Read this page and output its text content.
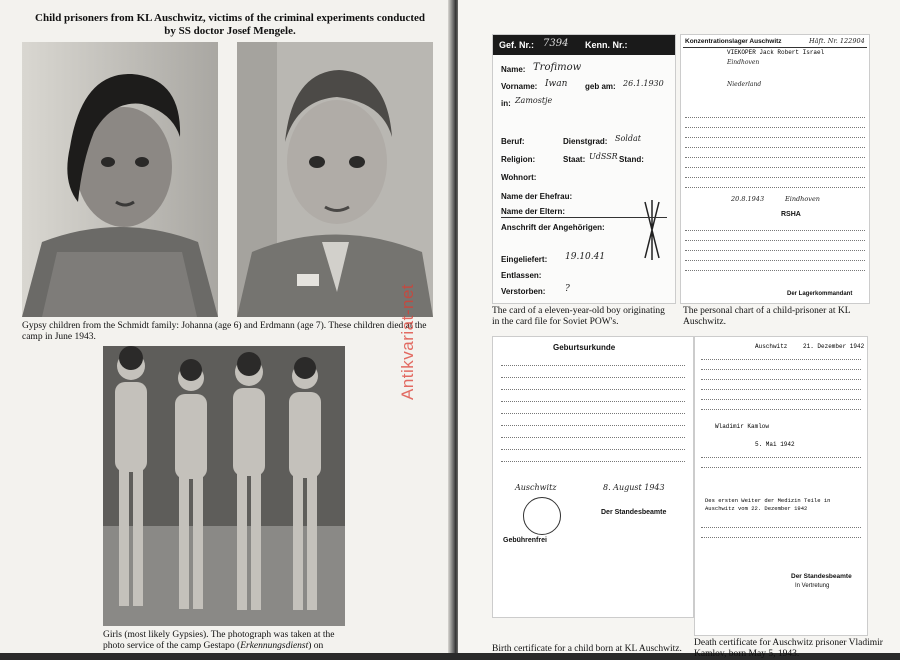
Child prisoners from KL Auschwitz, victims of the criminal experiments conducted by SS doctor Josef Mengele.
Gypsy children from the Schmidt family: Johanna (age 6) and Erdmann (age 7). These children died at the camp in June 1943.
Girls (most likely Gypsies). The photograph was taken at the photo service of the camp Gestapo (Erkennungsdienst) on
Antikvariat-net
Gef. Nr.: 7394 Kenn. Nr.:
Name: Trofimow
Vorname: Iwan geb am: 26.1.1930
in: Zamostje
Beruf:	Dienstgrad: Soldat
Religion:	Staat: UdSSR Stand:
Wohnort:
Name der Ehefrau:
Name der Eltern:
Anschrift der Angehörigen:
Eingeliefert: 19.10.41
Entlassen:
Verstorben: ?
The card of a eleven-year-old boy originating in the card file for Soviet POW's.
Konzentrationslager Auschwitz	Häft. Nr. 122904
VIEKOPER Jack Robert Israel
Eindhoven
Niederland
20.8.1943	Eindhoven
RSHA
Der Lagerkommandant
The personal chart of a child-prisoner at KL Auschwitz.
Geburtsurkunde
Auschwitz	8. August 1943
Der Standesbeamte
Gebührenfrei
Birth certificate for a child born at KL Auschwitz.
Auschwitz	21. Dezember 1942
Wladimir Kamlow
5. Mai 1942
Des ersten Weiter der Medizin Teile in Auschwitz vom 22. Dezember 1942
Der Standesbeamte
In Vertretung
Death certificate for Auschwitz prisoner Vladimir Kamlov, born May 5, 1943.
